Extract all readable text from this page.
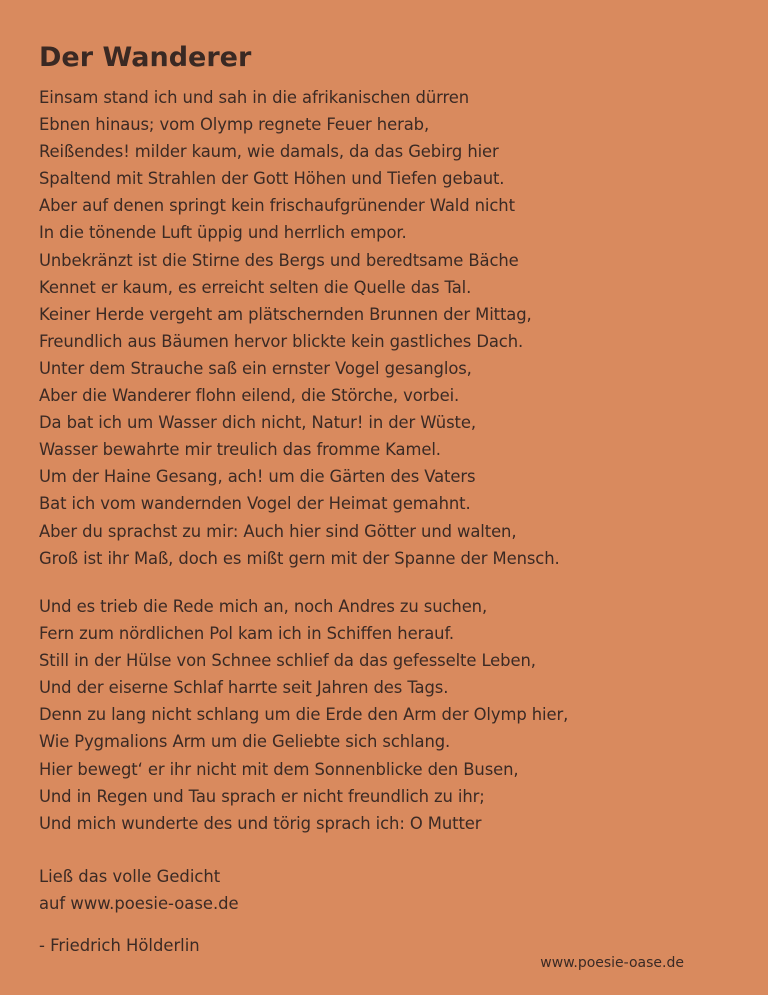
Der Wanderer
Einsam stand ich und sah in die afrikanischen dürren
Ebnen hinaus; vom Olymp regnete Feuer herab,
Reißendes! milder kaum, wie damals, da das Gebirg hier
Spaltend mit Strahlen der Gott Höhen und Tiefen gebaut.
Aber auf denen springt kein frischaufgrünender Wald nicht
In die tönende Luft üppig und herrlich empor.
Unbekränzt ist die Stirne des Bergs und beredtsame Bäche
Kennet er kaum, es erreicht selten die Quelle das Tal.
Keiner Herde vergeht am plätschernden Brunnen der Mittag,
Freundlich aus Bäumen hervor blickte kein gastliches Dach.
Unter dem Strauche saß ein ernster Vogel gesanglos,
Aber die Wanderer flohn eilend, die Störche, vorbei.
Da bat ich um Wasser dich nicht, Natur! in der Wüste,
Wasser bewahrte mir treulich das fromme Kamel.
Um der Haine Gesang, ach! um die Gärten des Vaters
Bat ich vom wandernden Vogel der Heimat gemahnt.
Aber du sprachst zu mir: Auch hier sind Götter und walten,
Groß ist ihr Maß, doch es mißt gern mit der Spanne der Mensch.
Und es trieb die Rede mich an, noch Andres zu suchen,
Fern zum nördlichen Pol kam ich in Schiffen herauf.
Still in der Hülse von Schnee schlief da das gefesselte Leben,
Und der eiserne Schlaf harrte seit Jahren des Tags.
Denn zu lang nicht schlang um die Erde den Arm der Olymp hier,
Wie Pygmalions Arm um die Geliebte sich schlang.
Hier bewegt‘ er ihr nicht mit dem Sonnenblicke den Busen,
Und in Regen und Tau sprach er nicht freundlich zu ihr;
Und mich wunderte des und törig sprach ich: O Mutter
Ließ das volle Gedicht
auf www.poesie-oase.de

- Friedrich Hölderlin

www.poesie-oase.de
